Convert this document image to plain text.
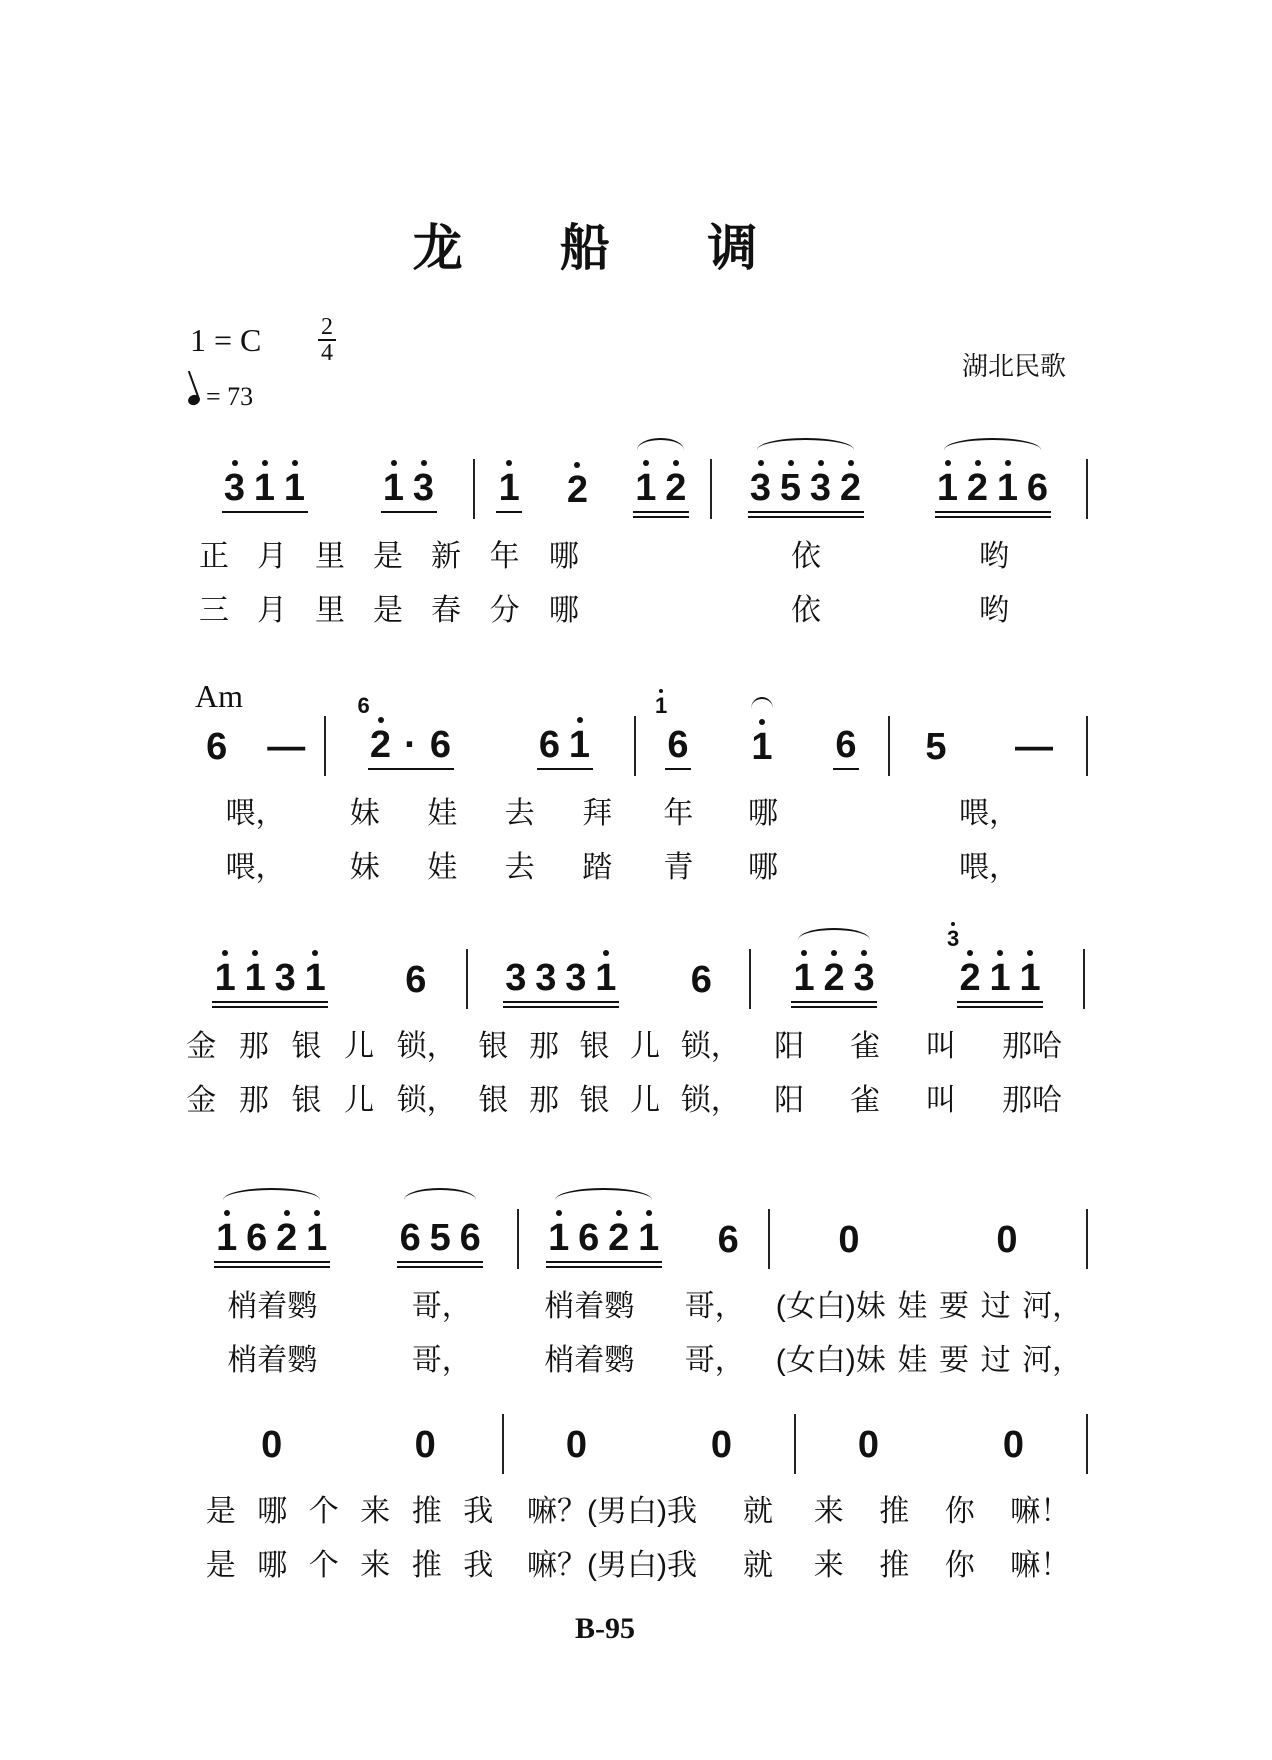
龙 船 调
1 = C 2
4
= 73
湖北民歌
3 1 1 1 3 1 2 1 2 3 5 3 2 1 2 1 6
正 月 里 是 新 年 哪	依	哟
三 月 里 是 春 分 哪	依	哟
Am
6 — 2
6
· 6 6 1 6
1
1 6 5 —
喂， 妹 娃 去 拜 年 哪	喂，
喂， 妹 娃 去 踏 青 哪	喂，
1 1 3 1 6 3 3 3 1 6 1 2 3 2
3
1 1
金 那 银 儿 锁， 银 那 银 儿 锁， 阳 雀 叫 那哈
金 那 银 儿 锁， 银 那 银 儿 锁， 阳 雀 叫 那哈
1 6 2 1 6 5 6 1 6 2 1 6	0	0
梢着鹦	哥， 梢着鹦 哥， (女白)妹 娃 要 过 河，
梢着鹦	哥， 梢着鹦 哥， (女白)妹 娃 要 过 河，
0	0	0	0	0	0
是 哪 个 来 推 我 嘛？(男白)我 就 来 推 你 嘛！
是 哪 个 来 推 我 嘛？(男白)我 就 来 推 你 嘛！
B-95
